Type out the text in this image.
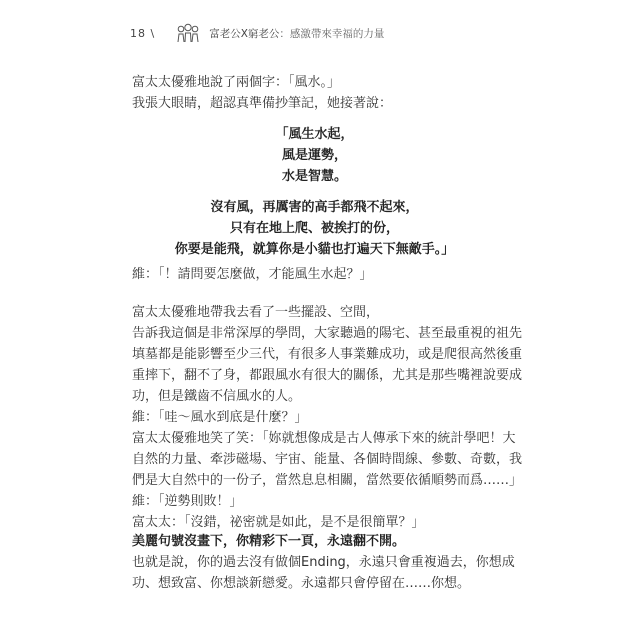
18 \	富老公X窮老公：感激帶來幸福的力量

富太太優雅地說了兩個字：「風水。」

我張大眼睛，超認真準備抄筆記，她接著說：

「風生水起，

風是運勢，

水是智慧。

沒有風，再厲害的高手都飛不起來，

只有在地上爬、被挨打的份，

你要是能飛，就算你是小貓也打遍天下無敵手。」

維：「！請問要怎麼做，才能風生水起？」

富太太優雅地帶我去看了一些擺設、空間，

告訴我這個是非常深厚的學問，大家聽過的陽宅、甚至最重視的祖先

填墓都是能影響至少三代，有很多人事業難成功，或是爬很高然後重

重摔下，翻不了身，都跟風水有很大的關係，尤其是那些嘴裡說要成

功，但是鐵齒不信風水的人。

維：「哇～風水到底是什麼？」

富太太優雅地笑了笑：「妳就想像成是古人傳承下來的統計學吧！大

自然的力量、牽涉磁場、宇宙、能量、各個時間線、參數、奇數，我

們是大自然中的一份子，當然息息相關，當然要依循順勢而爲……」

維：「逆勢則敗！」

富太太：「沒錯，祕密就是如此，是不是很簡單？」

美麗句號沒畫下，你精彩下一頁，永遠翻不開。

也就是說，你的過去沒有做個Ending，永遠只會重複過去，你想成

功、想致富、你想談新戀愛。永遠都只會停留在……你想。
